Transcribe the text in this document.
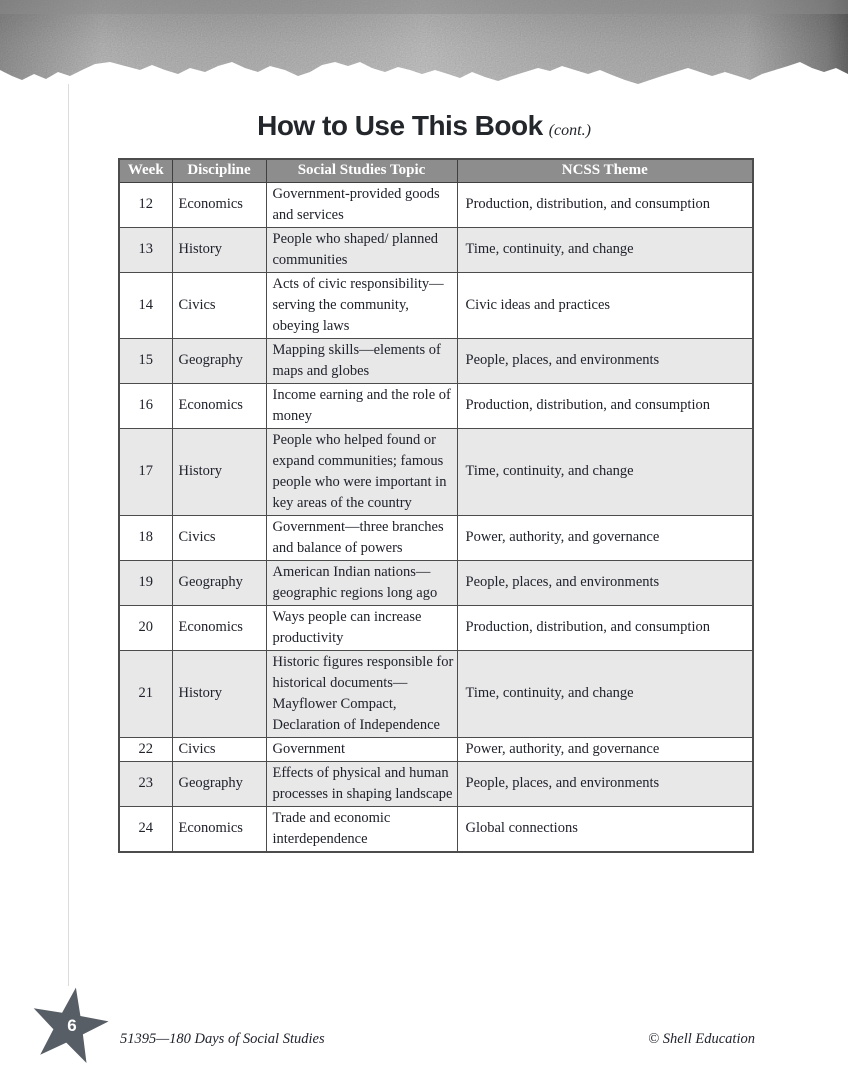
How to Use This Book (cont.)
Week	Discipline	Social Studies Topic	NCSS Theme
12	Economics	Government-provided goods and services	Production, distribution, and consumption
13	History	People who shaped/ planned communities	Time, continuity, and change
14	Civics	Acts of civic responsibility—serving the community, obeying laws	Civic ideas and practices
15	Geography	Mapping skills—elements of maps and globes	People, places, and environments
16	Economics	Income earning and the role of money	Production, distribution, and consumption
17	History	People who helped found or expand communities; famous people who were important in key areas of the country	Time, continuity, and change
18	Civics	Government—three branches and balance of powers	Power, authority, and governance
19	Geography	American Indian nations—geographic regions long ago	People, places, and environments
20	Economics	Ways people can increase productivity	Production, distribution, and consumption
21	History	Historic figures responsible for historical documents—Mayflower Compact, Declaration of Independence	Time, continuity, and change
22	Civics	Government	Power, authority, and governance
23	Geography	Effects of physical and human processes in shaping landscape	People, places, and environments
24	Economics	Trade and economic interdependence	Global connections
6
51395—180 Days of Social Studies	© Shell Education
